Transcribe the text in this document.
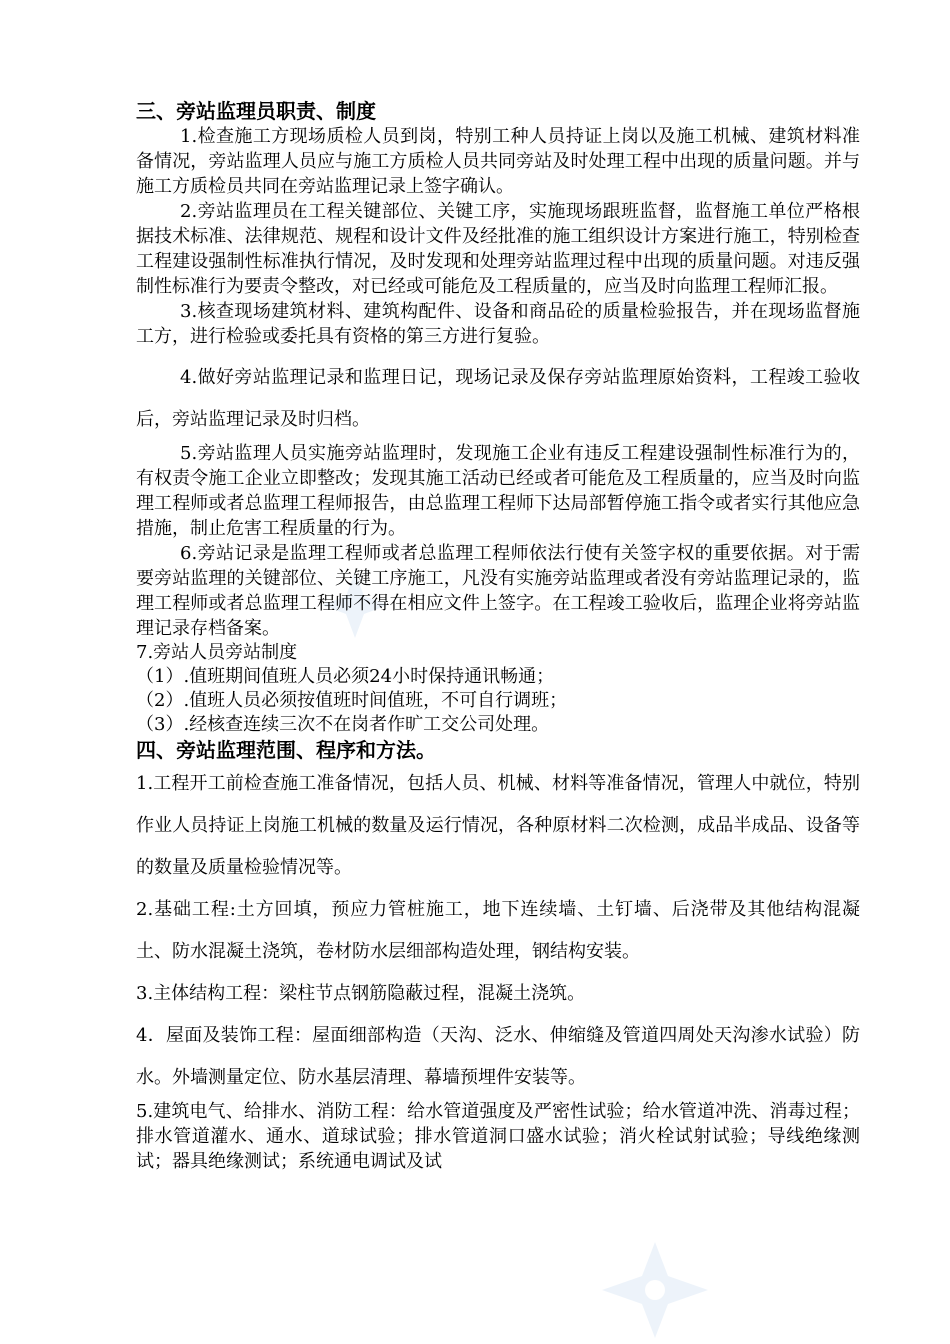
三、旁站监理员职责、制度

1.检查施工方现场质检人员到岗，特别工种人员持证上岗以及施工机械、建筑材料准备情况，旁站监理人员应与施工方质检人员共同旁站及时处理工程中出现的质量问题。并与施工方质检员共同在旁站监理记录上签字确认。

2.旁站监理员在工程关键部位、关键工序，实施现场跟班监督，监督施工单位严格根据技术标准、法律规范、规程和设计文件及经批准的施工组织设计方案进行施工，特别检查工程建设强制性标准执行情况，及时发现和处理旁站监理过程中出现的质量问题。对违反强制性标准行为要责令整改，对已经或可能危及工程质量的，应当及时向监理工程师汇报。

3.核查现场建筑材料、建筑构配件、设备和商品砼的质量检验报告，并在现场监督施工方，进行检验或委托具有资格的第三方进行复验。

4.做好旁站监理记录和监理日记，现场记录及保存旁站监理原始资料，工程竣工验收后，旁站监理记录及时归档。

5.旁站监理人员实施旁站监理时，发现施工企业有违反工程建设强制性标准行为的，有权责令施工企业立即整改；发现其施工活动已经或者可能危及工程质量的，应当及时向监理工程师或者总监理工程师报告，由总监理工程师下达局部暂停施工指令或者实行其他应急措施，制止危害工程质量的行为。

6.旁站记录是监理工程师或者总监理工程师依法行使有关签字权的重要依据。对于需要旁站监理的关键部位、关键工序施工，凡没有实施旁站监理或者没有旁站监理记录的，监理工程师或者总监理工程师不得在相应文件上签字。在工程竣工验收后，监理企业将旁站监理记录存档备案。

7.旁站人员旁站制度

（1）.值班期间值班人员必须24小时保持通讯畅通；

（2）.值班人员必须按值班时间值班，不可自行调班；

（3）.经核查连续三次不在岗者作旷工交公司处理。

四、旁站监理范围、程序和方法。

1.工程开工前检查施工准备情况，包括人员、机械、材料等准备情况，管理人中就位，特别作业人员持证上岗施工机械的数量及运行情况，各种原材料二次检测，成品半成品、设备等的数量及质量检验情况等。

2.基础工程:土方回填，预应力管桩施工，地下连续墙、土钉墙、后浇带及其他结构混凝土、防水混凝土浇筑，卷材防水层细部构造处理，钢结构安装。

3.主体结构工程：梁柱节点钢筋隐蔽过程，混凝土浇筑。

4．屋面及装饰工程：屋面细部构造（天沟、泛水、伸缩缝及管道四周处天沟渗水试验）防水。外墙测量定位、防水基层清理、幕墙预埋件安装等。

5.建筑电气、给排水、消防工程：给水管道强度及严密性试验；给水管道冲洗、消毒过程；排水管道灌水、通水、道球试验；排水管道洞口盛水试验；消火栓试射试验；导线绝缘测试；器具绝缘测试；系统通电调试及试
